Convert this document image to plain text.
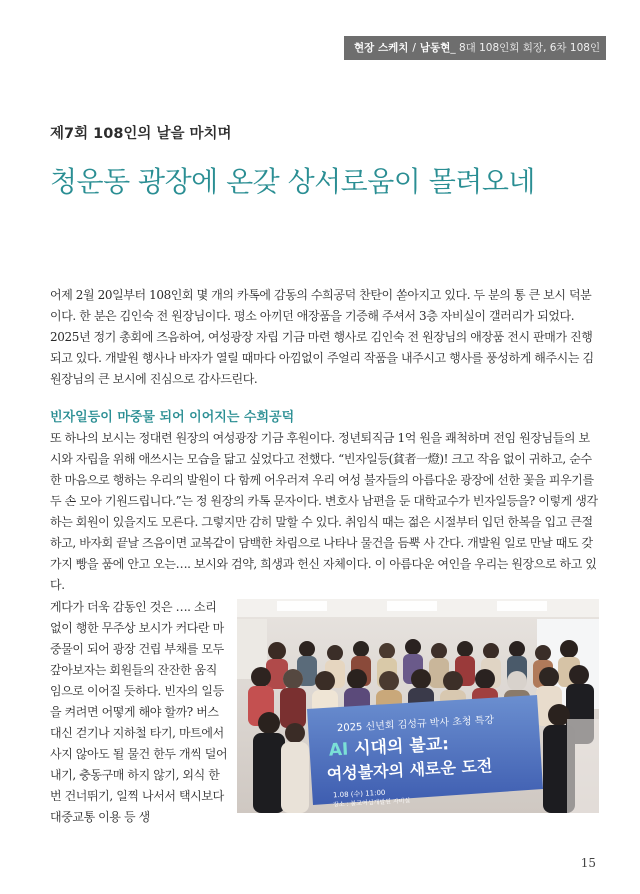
현장 스케치 / 남동현_ 8대 108인회 회장, 6차 108인

제7회 108인의 날을 마치며

청운동 광장에 온갖 상서로움이 몰려오네

어제 2월 20일부터 108인회 몇 개의 카톡에 감동의 수희공덕 찬탄이 쏟아지고 있다. 두 분의 통 큰 보시 덕분이다. 한 분은 김인숙 전 원장님이다. 평소 아끼던 애장품을 기증해 주셔서 3층 자비실이 갤러리가 되었다. 2025년 정기 총회에 즈음하여, 여성광장 자립 기금 마련 행사로 김인숙 전 원장님의 애장품 전시 판매가 진행되고 있다. 개발원 행사나 바자가 열릴 때마다 아낌없이 주얼리 작품을 내주시고 행사를 풍성하게 해주시는 김 원장님의 큰 보시에 진심으로 감사드린다.

빈자일등이 마중물 되어 이어지는 수희공덕

또 하나의 보시는 정대련 원장의 여성광장 기금 후원이다. 정년퇴직금 1억 원을 쾌척하며 전임 원장님들의 보시와 자립을 위해 애쓰시는 모습을 닮고 싶었다고 전했다. “빈자일등(貧者一燈)! 크고 작음 없이 귀하고, 순수한 마음으로 행하는 우리의 발원이 다 함께 어우러져 우리 여성 불자들의 아름다운 광장에 선한 꽃을 피우기를 두 손 모아 기원드립니다.”는 정 원장의 카톡 문자이다. 변호사 남편을 둔 대학교수가 빈자일등을? 이렇게 생각하는 회원이 있을지도 모른다. 그렇지만 감히 말할 수 있다. 취임식 때는 젊은 시절부터 입던 한복을 입고 큰절하고, 바자회 끝날 즈음이면 교복같이 담백한 차림으로 나타나 물건을 듬뿍 사 간다. 개발원 일로 만날 때도 갖가지 빵을 품에 안고 오는…. 보시와 검약, 희생과 헌신 자체이다. 이 아름다운 여인을 우리는 원장으로 하고 있다.

게다가 더욱 감동인 것은 …. 소리 없이 행한 무주상 보시가 커다란 마중물이 되어 광장 건립 부채를 모두 갚아보자는 회원들의 잔잔한 움직임으로 이어질 듯하다. 빈자의 일등을 켜려면 어떻게 해야 할까? 버스 대신 걷기나 지하철 타기, 마트에서 사지 않아도 될 물건 한두 개씩 덜어내기, 충동구매 하지 않기, 외식 한번 건너뛰기, 일찍 나서서 택시보다 대중교통 이용 등 생

2025 신년회 김성규 박사 초청 특강
AI 시대의 불교:
여성불자의 새로운 도전
1.08 (수) 11:00
장소 : 불교여성개발원 자비실
15
